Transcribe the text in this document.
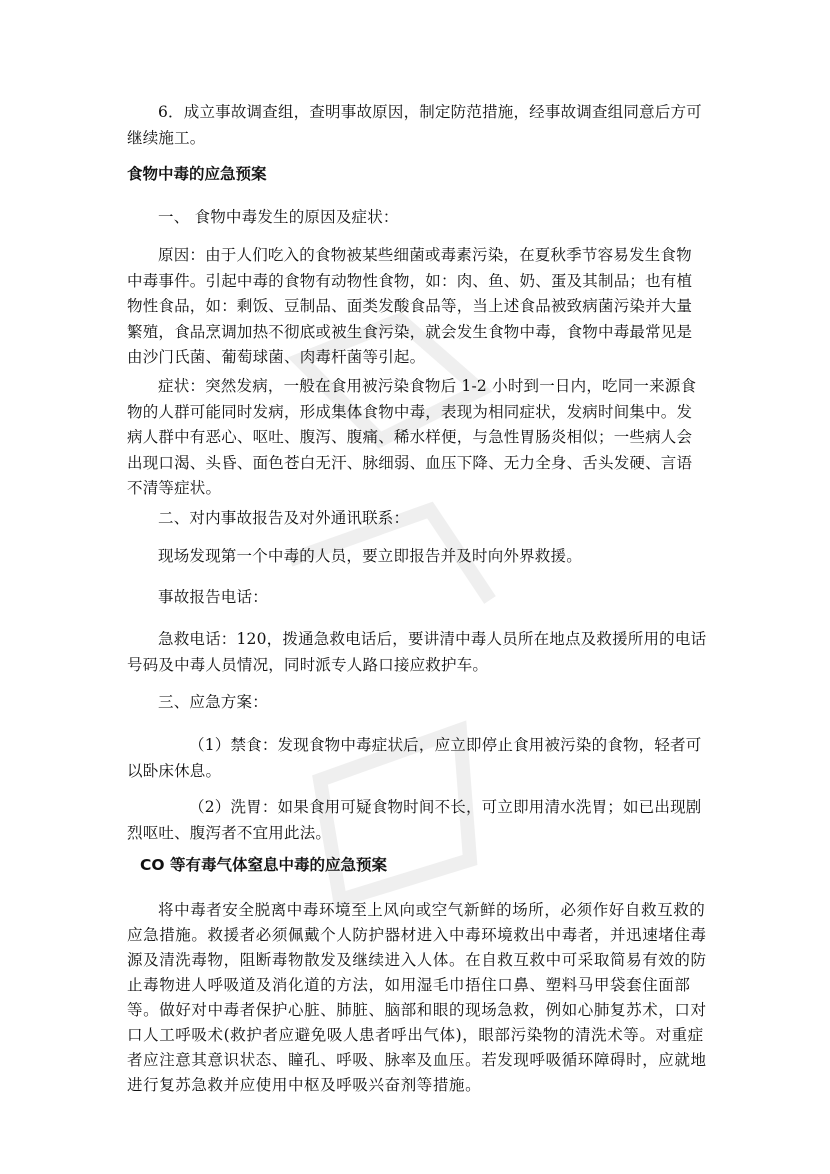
6．成立事故调查组，查明事故原因，制定防范措施，经事故调查组同意后方可继续施工。

食物中毒的应急预案

一、 食物中毒发生的原因及症状：

原因：由于人们吃入的食物被某些细菌或毒素污染，在夏秋季节容易发生食物中毒事件。引起中毒的食物有动物性食物，如：肉、鱼、奶、蛋及其制品；也有植物性食品，如：剩饭、豆制品、面类发酸食品等，当上述食品被致病菌污染并大量繁殖，食品烹调加热不彻底或被生食污染，就会发生食物中毒，食物中毒最常见是由沙门氏菌、葡萄球菌、肉毒杆菌等引起。

症状：突然发病，一般在食用被污染食物后 1-2 小时到一日内，吃同一来源食物的人群可能同时发病，形成集体食物中毒，表现为相同症状，发病时间集中。发病人群中有恶心、呕吐、腹泻、腹痛、稀水样便，与急性胃肠炎相似；一些病人会出现口渴、头昏、面色苍白无汗、脉细弱、血压下降、无力全身、舌头发硬、言语不清等症状。

二、对内事故报告及对外通讯联系：

现场发现第一个中毒的人员，要立即报告并及时向外界救援。

事故报告电话：

急救电话：120，拨通急救电话后，要讲清中毒人员所在地点及救援所用的电话号码及中毒人员情况，同时派专人路口接应救护车。

三、应急方案：

（1）禁食：发现食物中毒症状后，应立即停止食用被污染的食物，轻者可以卧床休息。

（2）洗胃：如果食用可疑食物时间不长，可立即用清水洗胃；如已出现剧烈呕吐、腹泻者不宜用此法。

CO 等有毒气体窒息中毒的应急预案

将中毒者安全脱离中毒环境至上风向或空气新鲜的场所，必须作好自救互救的应急措施。救援者必须佩戴个人防护器材进入中毒环境救出中毒者，并迅速堵住毒源及清洗毒物，阻断毒物散发及继续进入人体。在自救互救中可采取简易有效的防止毒物进人呼吸道及消化道的方法，如用湿毛巾捂住口鼻、塑料马甲袋套住面部等。做好对中毒者保护心脏、肺脏、脑部和眼的现场急救，例如心肺复苏术，口对口人工呼吸术(救护者应避免吸人患者呼出气体)，眼部污染物的清洗术等。对重症者应注意其意识状态、瞳孔、呼吸、脉率及血压。若发现呼吸循环障碍时，应就地进行复苏急救并应使用中枢及呼吸兴奋剂等措施。
